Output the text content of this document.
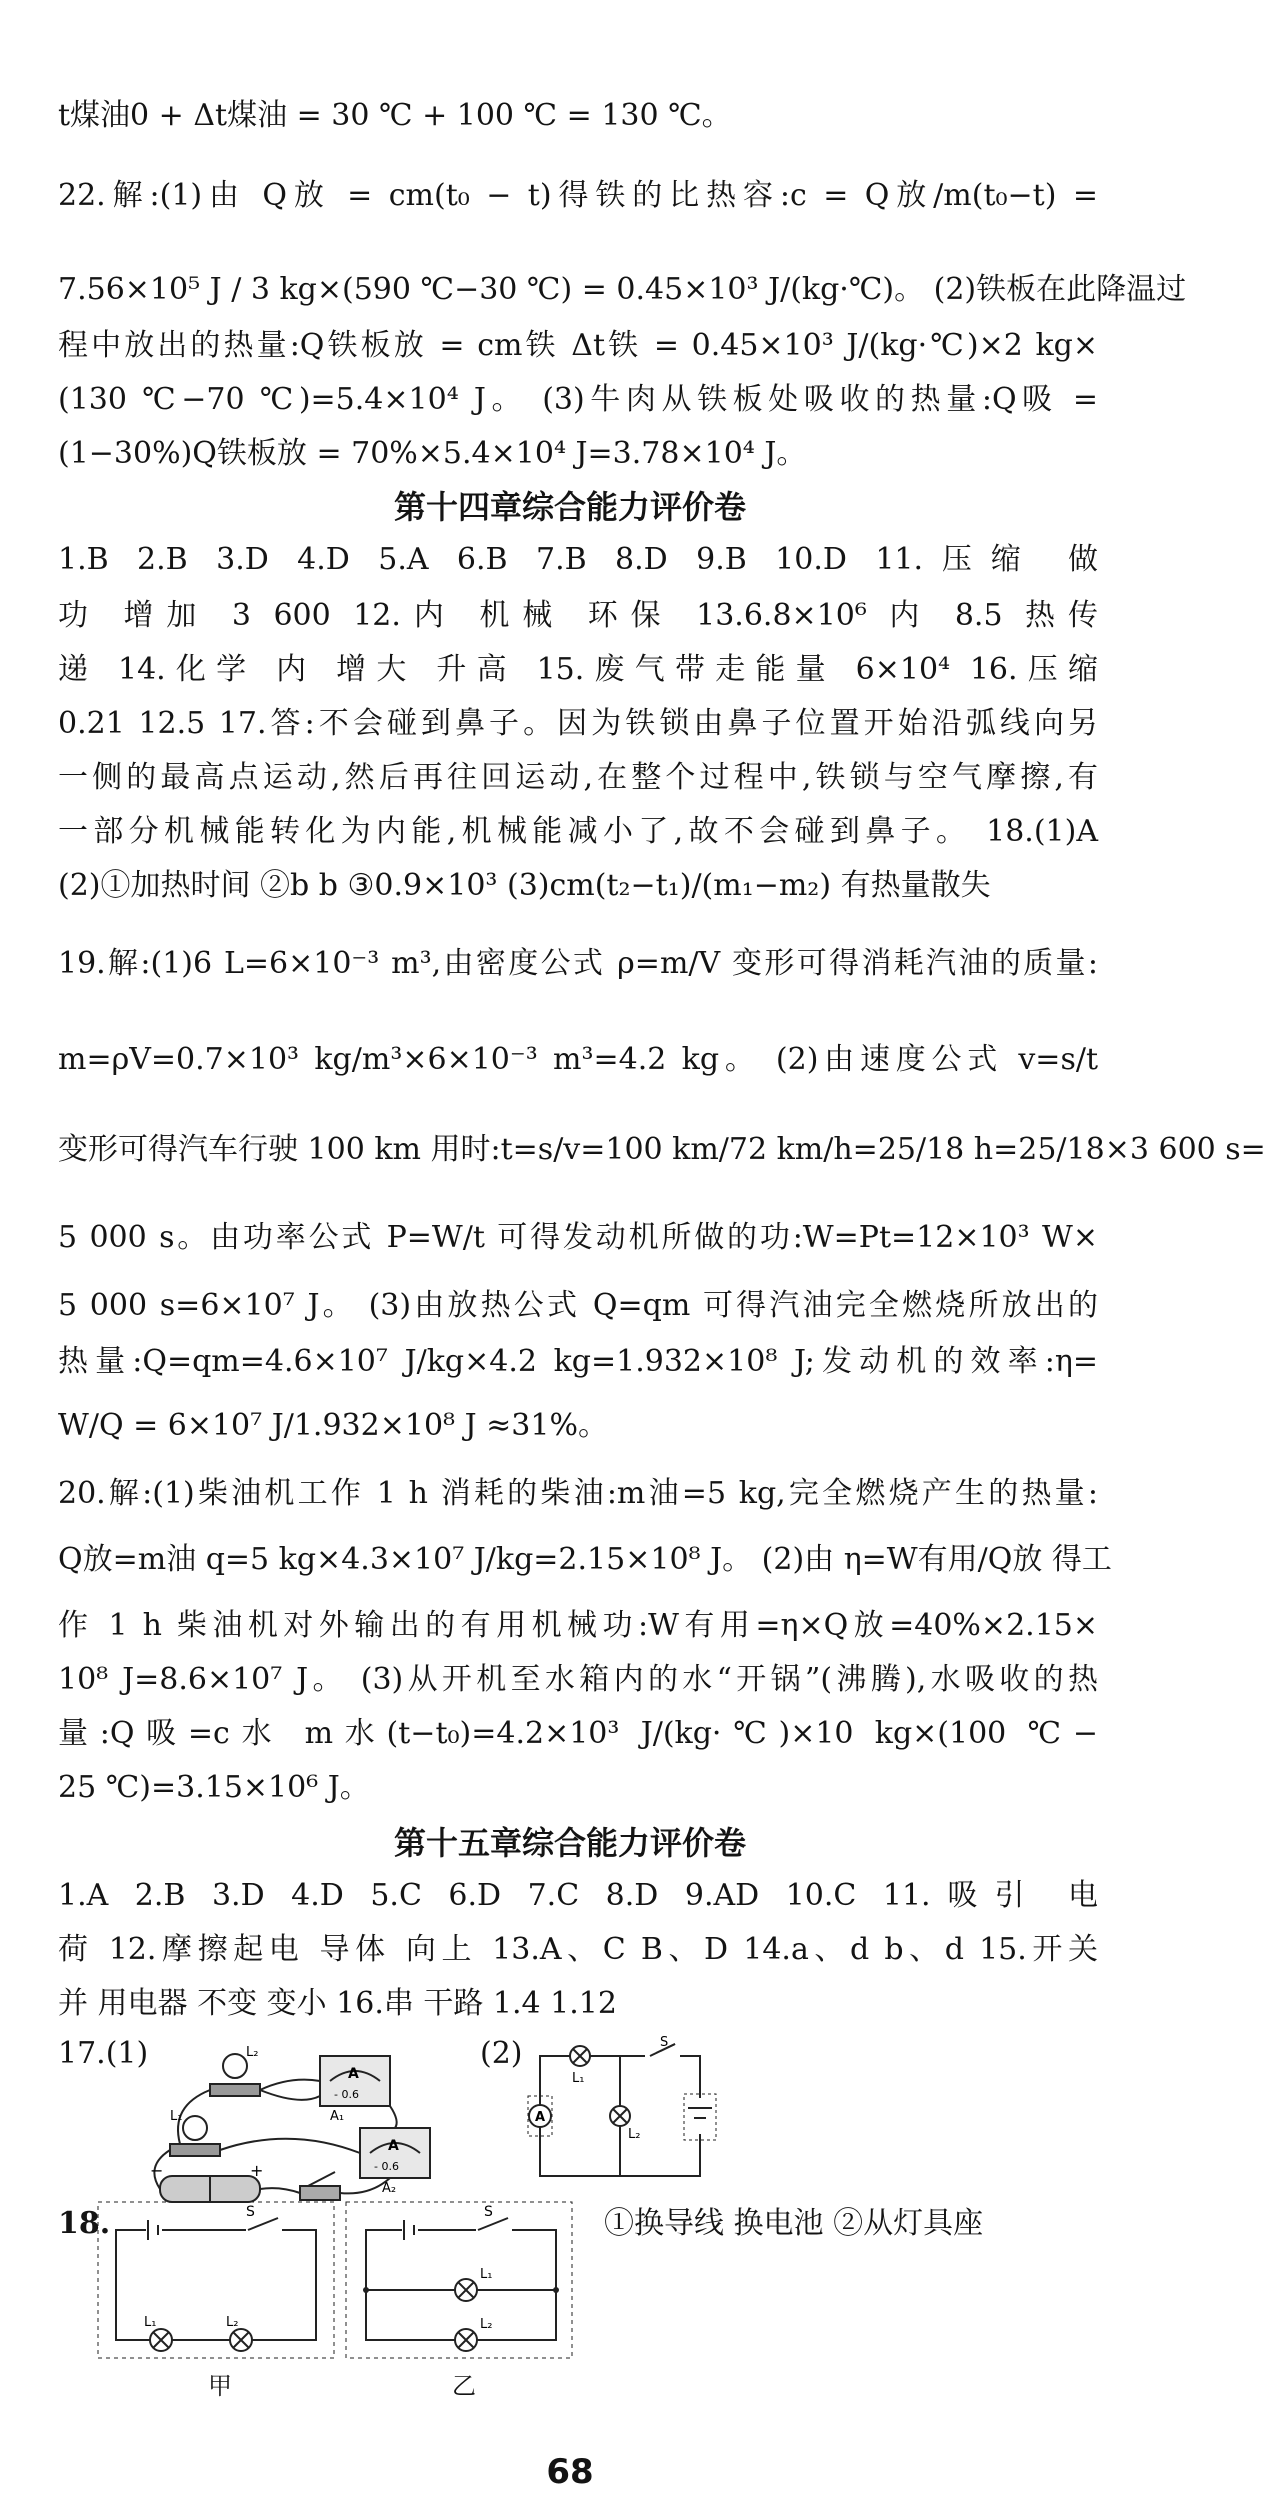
t煤油0 + Δt煤油 = 30 ℃ + 100 ℃ = 130 ℃。
22.解:(1)由 Q放 = cm(t₀ − t)得铁的比热容:c = Q放/m(t₀−t) =
7.56×10⁵ J / 3 kg×(590 ℃−30 ℃) = 0.45×10³ J/(kg·℃)。 (2)铁板在此降温过
程中放出的热量:Q铁板放 = cm铁 Δt铁 = 0.45×10³ J/(kg·℃)×2 kg×
(130 ℃−70 ℃)=5.4×10⁴ J。 (3)牛肉从铁板处吸收的热量:Q吸 =
(1−30%)Q铁板放 = 70%×5.4×10⁴ J=3.78×10⁴ J。
第十四章综合能力评价卷
1.B 2.B 3.D 4.D 5.A 6.B 7.B 8.D 9.B 10.D 11.压缩 做
功 增加 3 600 12.内 机械 环保 13.6.8×10⁶ 内 8.5 热传
递 14.化学 内 增大 升高 15.废气带走能量 6×10⁴ 16.压缩
0.21 12.5 17.答:不会碰到鼻子。因为铁锁由鼻子位置开始沿弧线向另
一侧的最高点运动,然后再往回运动,在整个过程中,铁锁与空气摩擦,有
一部分机械能转化为内能,机械能减小了,故不会碰到鼻子。 18.(1)A
(2)①加热时间 ②b b ③0.9×10³ (3)cm(t₂−t₁)/(m₁−m₂) 有热量散失
19.解:(1)6 L=6×10⁻³ m³,由密度公式 ρ=m/V 变形可得消耗汽油的质量:
m=ρV=0.7×10³ kg/m³×6×10⁻³ m³=4.2 kg。 (2)由速度公式 v=s/t
变形可得汽车行驶 100 km 用时:t=s/v=100 km/72 km/h=25/18 h=25/18×3 600 s=
5 000 s。由功率公式 P=W/t 可得发动机所做的功:W=Pt=12×10³ W×
5 000 s=6×10⁷ J。 (3)由放热公式 Q=qm 可得汽油完全燃烧所放出的
热量:Q=qm=4.6×10⁷ J/kg×4.2 kg=1.932×10⁸ J;发动机的效率:η=
W/Q = 6×10⁷ J/1.932×10⁸ J ≈31%。
20.解:(1)柴油机工作 1 h 消耗的柴油:m油=5 kg,完全燃烧产生的热量:
Q放=m油 q=5 kg×4.3×10⁷ J/kg=2.15×10⁸ J。 (2)由 η=W有用/Q放 得工
作 1 h 柴油机对外输出的有用机械功:W有用=η×Q放=40%×2.15×
10⁸ J=8.6×10⁷ J。 (3)从开机至水箱内的水“开锅”(沸腾),水吸收的热
量:Q吸=c水 m水(t−t₀)=4.2×10³ J/(kg·℃)×10 kg×(100 ℃−
25 ℃)=3.15×10⁶ J。
第十五章综合能力评价卷
1.A 2.B 3.D 4.D 5.C 6.D 7.C 8.D 9.AD 10.C 11.吸引 电
荷 12.摩擦起电 导体 向上 13.A、C B、D 14.a、d b、d 15.开关
并 用电器 不变 变小 16.串 干路 1.4 1.12
17.(1)	(2)
L₂
L₁
A
- 0.6
A₁
A
- 0.6
A₂
−	+
A
L₁
L₂
S
18.	①换导线 换电池 ②从灯具座
S
L₁	L₂
S
L₁
L₂
甲	乙
68
